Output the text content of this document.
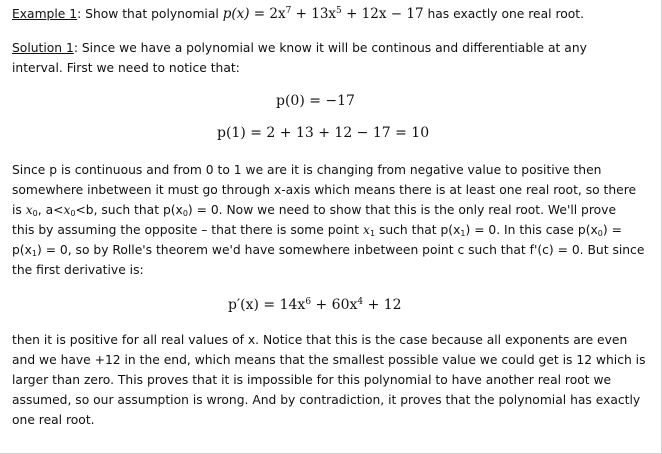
Example 1: Show that polynomial $p(x) = 2x^7 + 13x^5 + 12x - 17$ has exactly one real root.
Solution 1: Since we have a polynomial we know it will be continous and differentiable at any
interval. First we need to notice that:
p(0) = −17
p(1) = 2 + 13 + 12 − 17 = 10
Since p is continuous and from 0 to 1 we are it is changing from negative value to positive then
somewhere inbetween it must go through x-axis which means there is at least one real root, so there
is $x_0$, $a<x_0<b$, such that $p(x_0) = 0$. Now we need to show that this is the only real root. We'll prove
this by assuming the opposite – that there is some point $x_1$ such that $p(x_1) = 0$. In this case $p(x_0)$ =
$p(x_1) = 0$, so by Rolle's theorem we'd have somewhere inbetween point c such that f'(c) = 0. But since
the first derivative is:
$p'(x) = 14x^6 + 60x^4 + 12$
then it is positive for all real values of x. Notice that this is the case because all exponents are even
and we have +12 in the end, which means that the smallest possible value we could get is 12 which is
larger than zero. This proves that it is impossible for this polynomial to have another real root we
assumed, so our assumption is wrong. And by contradiction, it proves that the polynomial has exactly
one real root.
